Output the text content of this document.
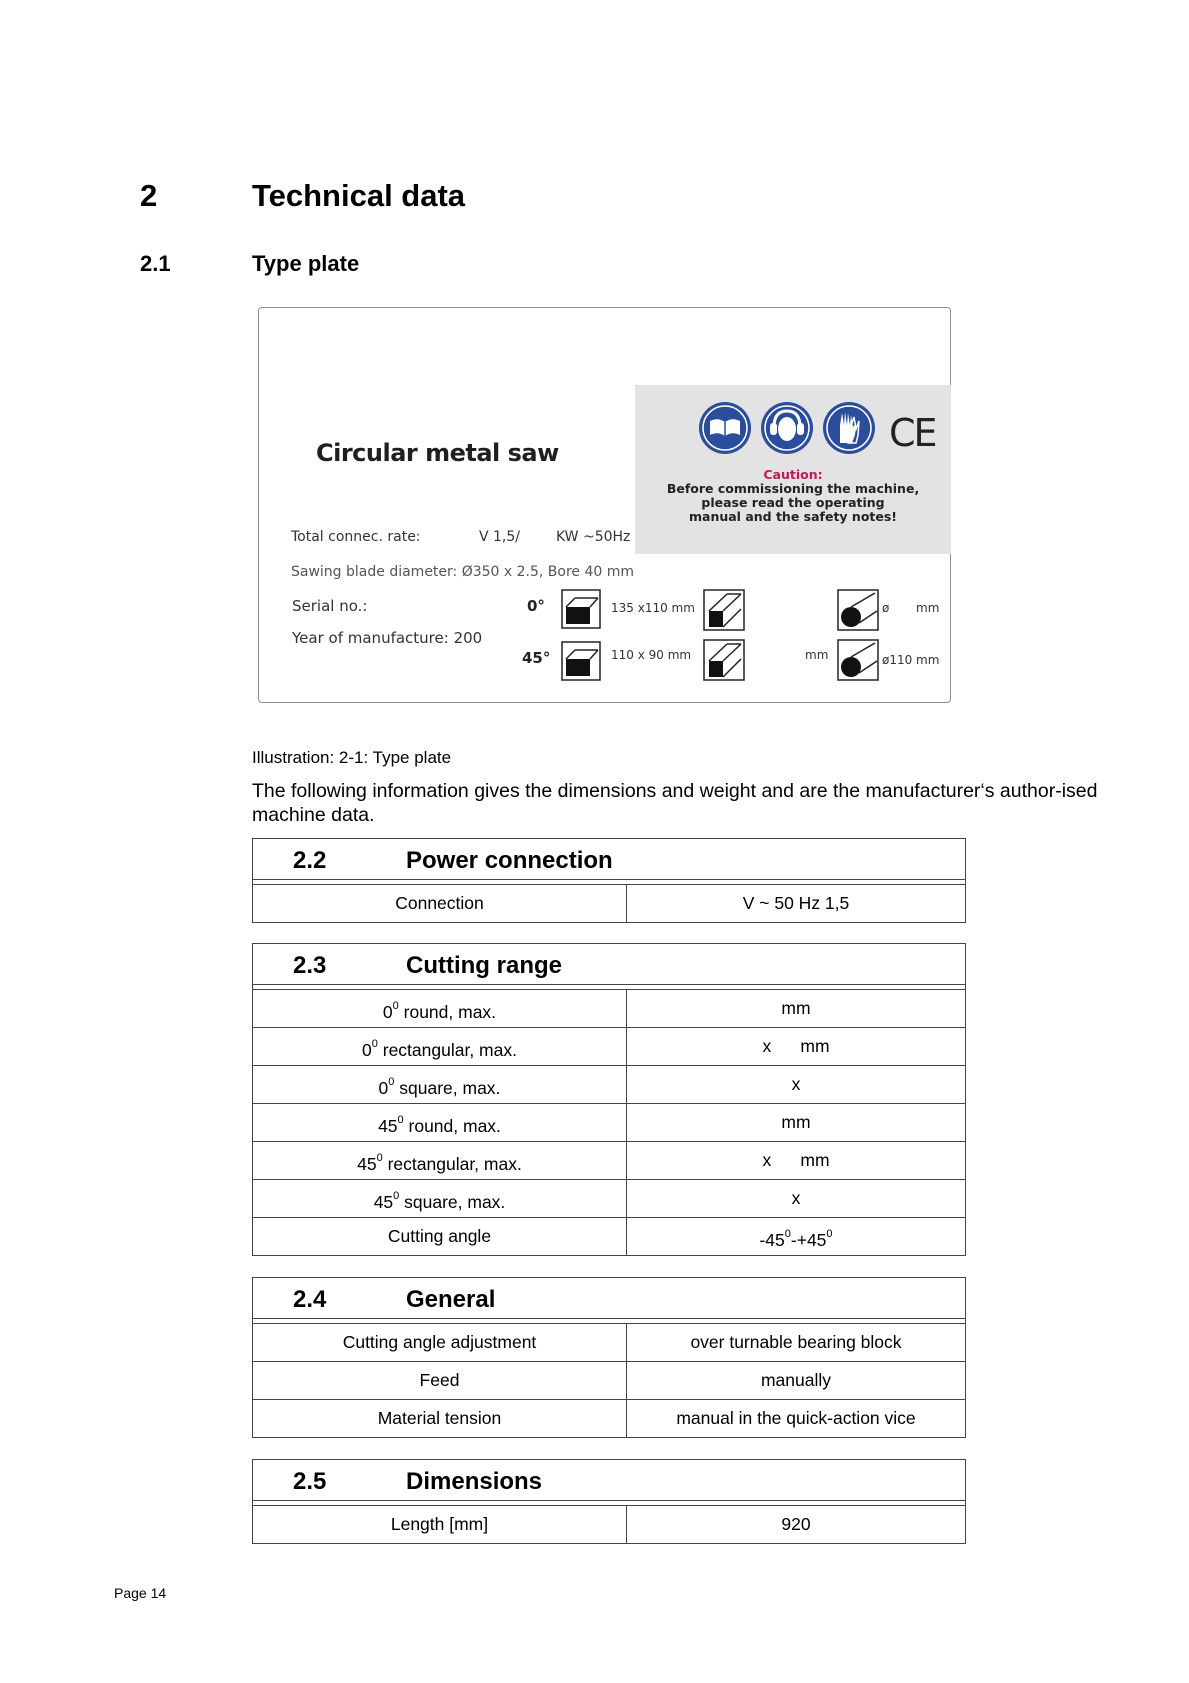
2	Technical data
2.1	Type plate
CE
Circular metal saw
Caution:
Before commissioning the machine,
please read the operating
manual and the safety notes!
Total connec. rate:	V 1,5/	KW ~50Hz
Sawing blade diameter: Ø350 x 2.5, Bore 40 mm
Serial no.:
Year of manufacture: 200
0°
45°
135 x110 mm	ø mm
110 x 90 mm	mm	ø110 mm
Illustration: 2-1: Type plate
The following information gives the dimensions and weight and are the manufacturer‘s author-ised machine data.
2.2	Power connection
Connection	V ~ 50 Hz 1,5
2.3	Cutting range
$0^0$ round, max.	mm
$0^0$ rectangular, max.	x      mm
$0^0$ square, max.	x
$45^0$ round, max.	mm
$45^0$ rectangular, max.	x      mm
$45^0$ square, max.	x
Cutting angle	$-45^0-+45^0$
2.4	General
Cutting angle adjustment	over turnable bearing block
Feed	manually
Material tension	manual in the quick-action vice
2.5	Dimensions
Length [mm]	920
Page 14
